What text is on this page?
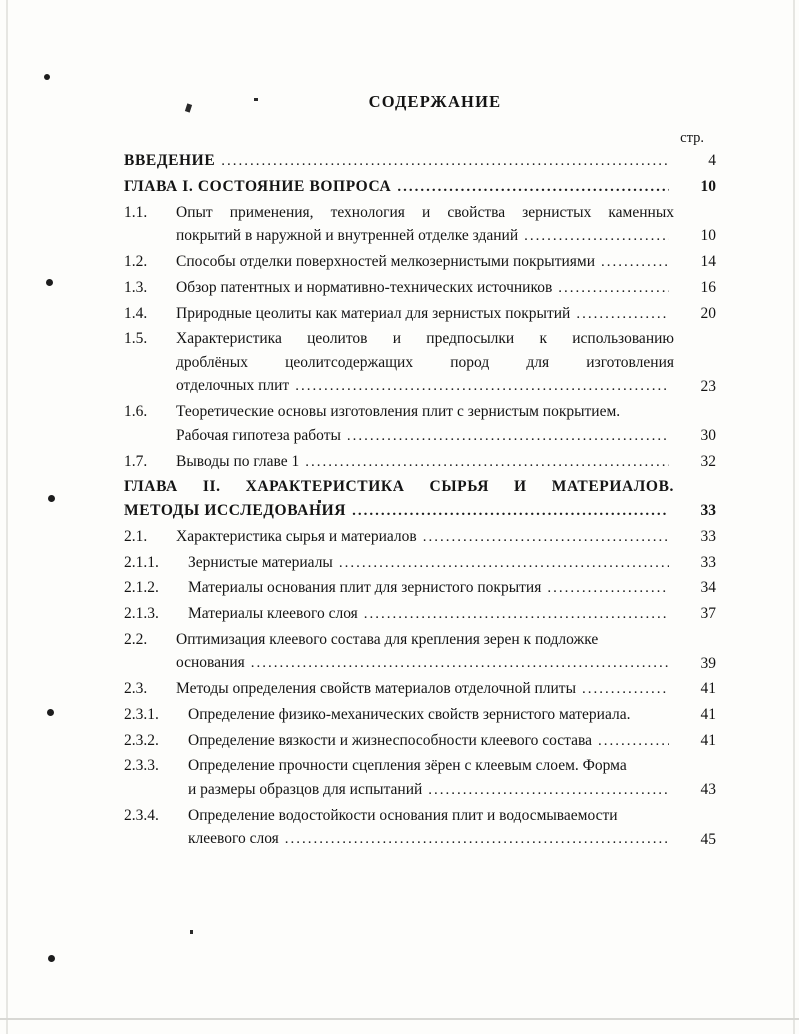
СОДЕРЖАНИЕ
стр.
ВВЕДЕНИЕ .....	4
ГЛАВА I. СОСТОЯНИЕ ВОПРОСА .....	10
1.1.	Опыт применения, технология и свойства зернистых каменных
покрытий в наружной и внутренней отделке зданий .....	10
1.2.	Способы отделки поверхностей мелкозернистыми покрытиями .....	14
1.3.	Обзор патентных и нормативно-технических источников .....	16
1.4.	Природные цеолиты как материал для зернистых покрытий .....	20
1.5.	Характеристика цеолитов и предпосылки к использованию
дроблёных цеолитсодержащих пород для изготовления
отделочных плит .....	23
1.6.	Теоретические основы изготовления плит с зернистым покрытием.
Рабочая гипотеза работы .....	30
1.7.	Выводы по главе 1 .....	32
ГЛАВА II. ХАРАКТЕРИСТИКА СЫРЬЯ И МАТЕРИАЛОВ.
МЕТОДЫ ИССЛЕДОВАНИЯ .....	33
2.1.	Характеристика сырья и материалов .....	33
2.1.1.	Зернистые материалы .....	33
2.1.2.	Материалы основания плит для зернистого покрытия .....	34
2.1.3.	Материалы клеевого слоя .....	37
2.2.	Оптимизация клеевого состава для крепления зерен к подложке
основания .....	39
2.3.	Методы определения свойств материалов отделочной плиты .....	41
2.3.1.	Определение физико-механических свойств зернистого материала.	41
2.3.2.	Определение вязкости и жизнеспособности клеевого состава .....	41
2.3.3.	Определение прочности сцепления зёрен с клеевым слоем. Форма
и размеры образцов для испытаний .....	43
2.3.4.	Определение водостойкости основания плит и водосмываемости
клеевого слоя .....	45
